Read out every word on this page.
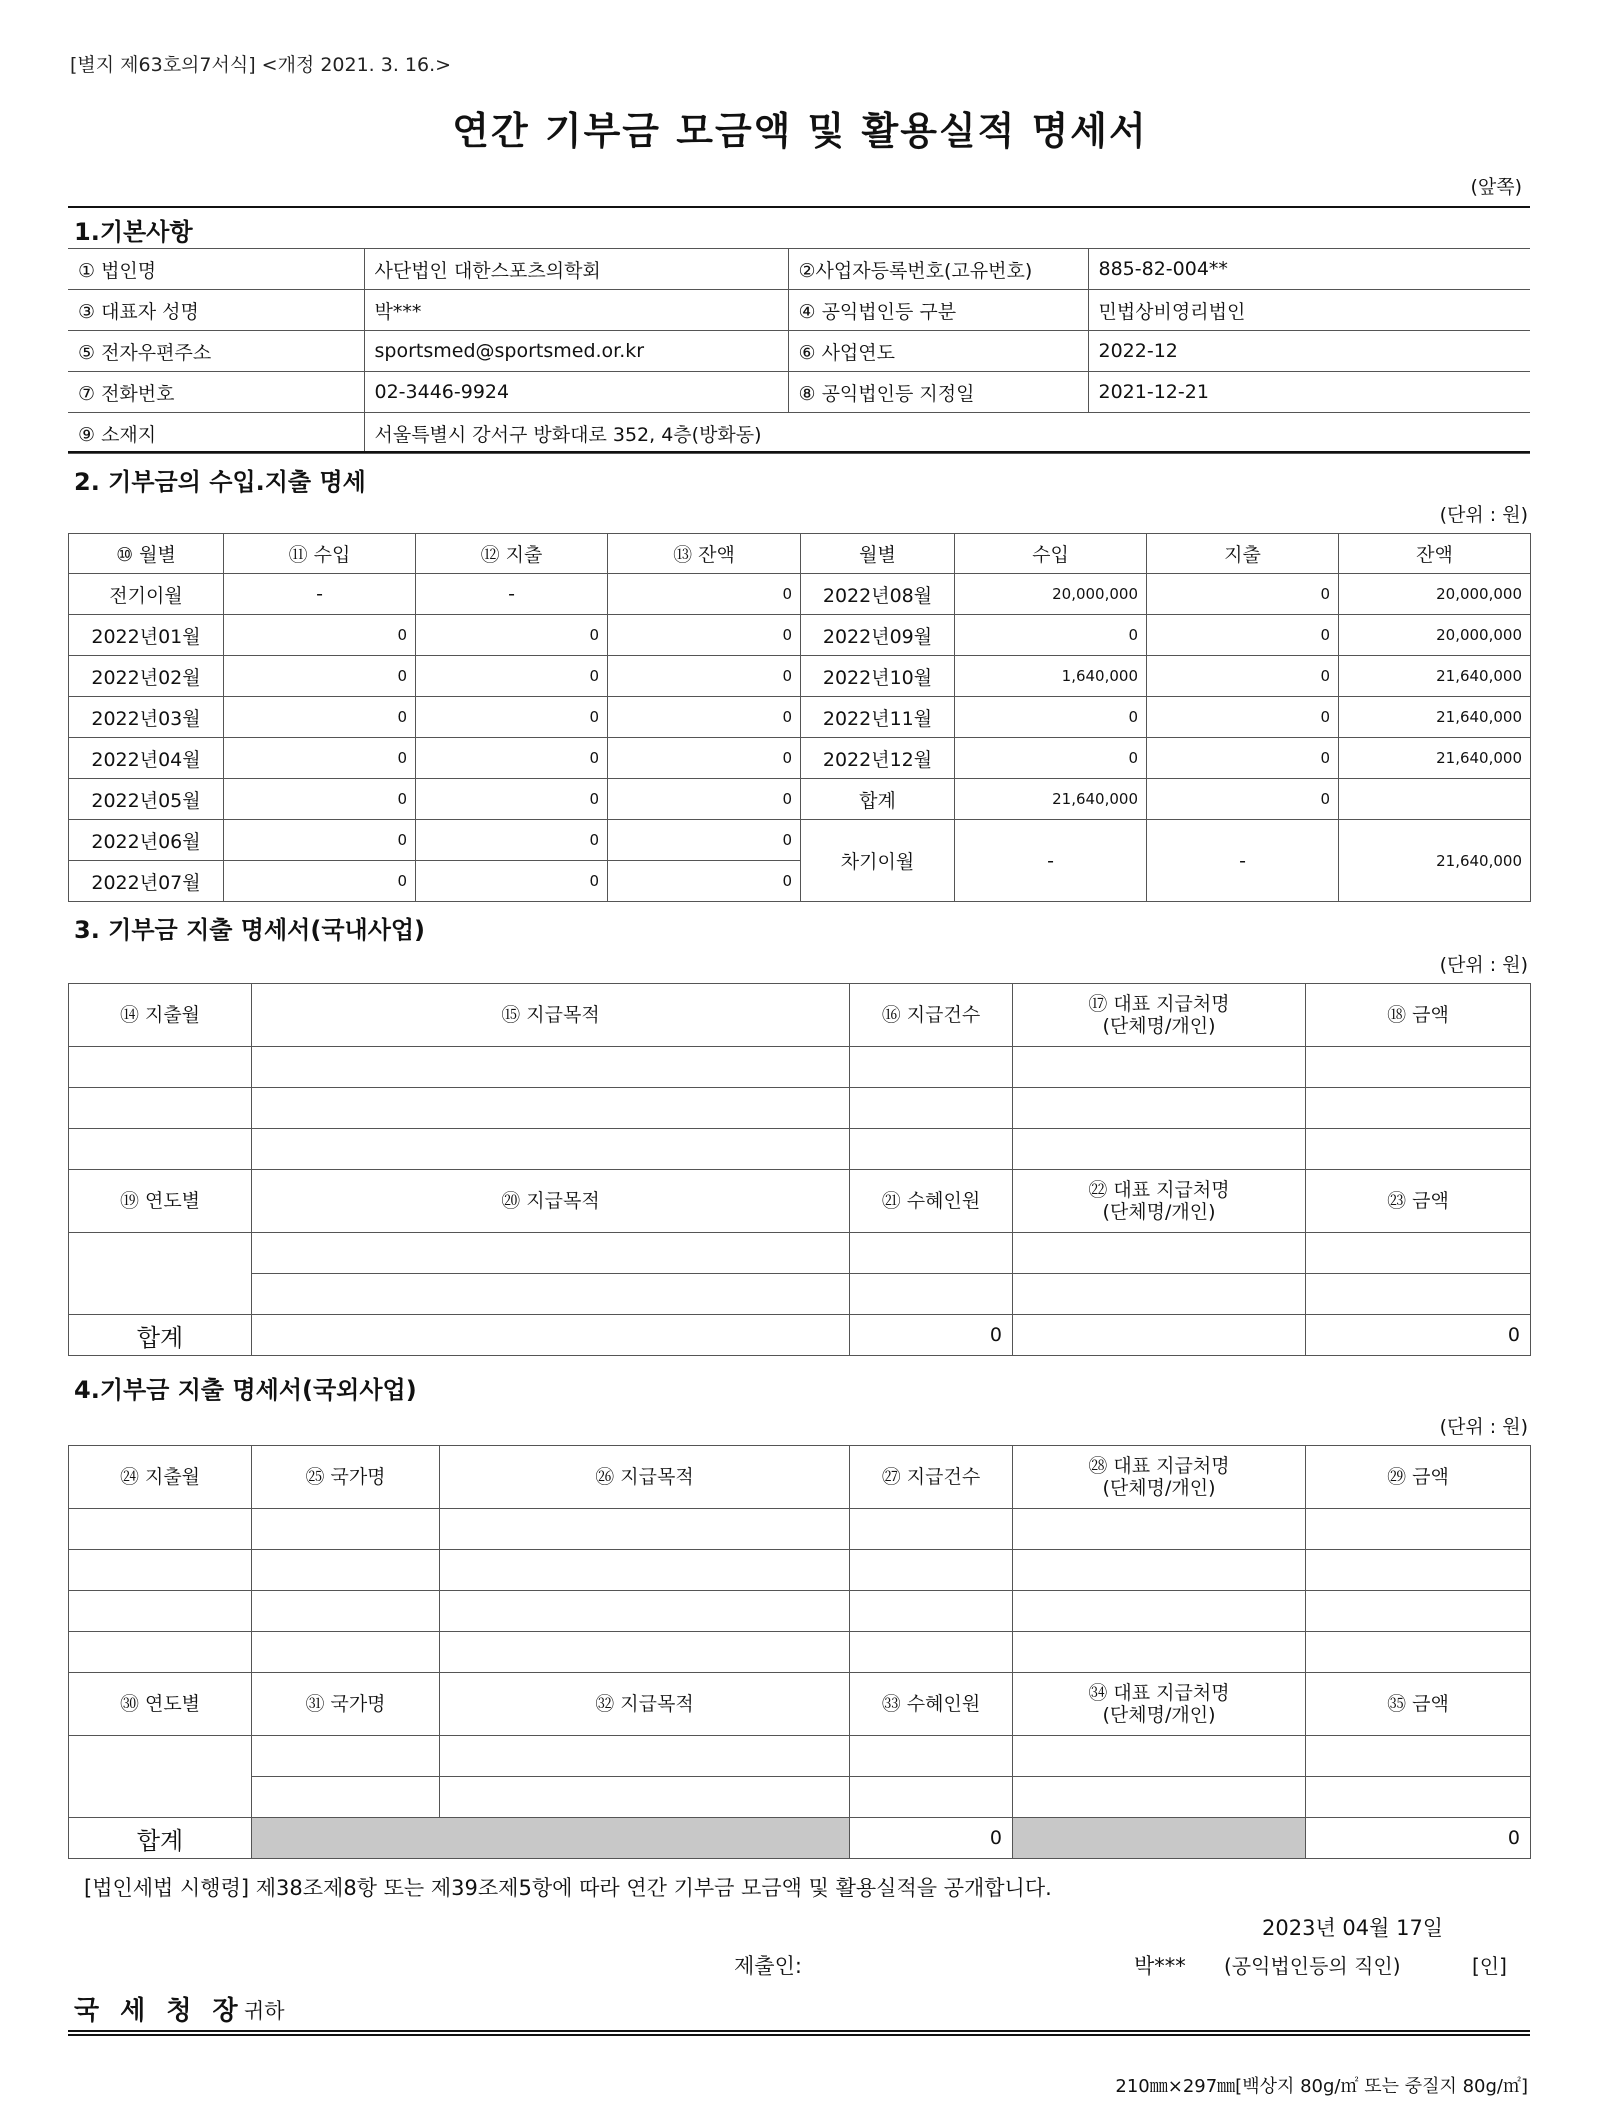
[별지 제63호의7서식] <개정 2021. 3. 16.>
연간 기부금 모금액 및 활용실적 명세서
(앞쪽)
1.기본사항
① 법인명	사단법인 대한스포츠의학회	②사업자등록번호(고유번호)	885-82-004**
③ 대표자 성명	박***	④ 공익법인등 구분	민법상비영리법인
⑤ 전자우편주소	sportsmed@sportsmed.or.kr	⑥ 사업연도	2022-12
⑦ 전화번호	02-3446-9924	⑧ 공익법인등 지정일	2021-12-21
⑨ 소재지	서울특별시 강서구 방화대로 352, 4층(방화동)		
2. 기부금의 수입.지출 명세
(단위 : 원)
⑩ 월별	⑪ 수입	⑫ 지출	⑬ 잔액	월별	수입	지출	잔액
전기이월	-	-	0	2022년08월	20,000,000	0	20,000,000
2022년01월	0	0	0	2022년09월	0	0	20,000,000
2022년02월	0	0	0	2022년10월	1,640,000	0	21,640,000
2022년03월	0	0	0	2022년11월	0	0	21,640,000
2022년04월	0	0	0	2022년12월	0	0	21,640,000
2022년05월	0	0	0	합계	21,640,000	0	
2022년06월	0	0	0	차기이월	-	-	21,640,000
2022년07월	0	0	0				
3. 기부금 지출 명세서(국내사업)
(단위 : 원)
⑭ 지출월	⑮ 지급목적	⑯ 지급건수	⑰ 대표 지급처명
(단체명/개인)	⑱ 금액

⑲ 연도별	⑳ 지급목적	㉑ 수혜인원	㉒ 대표 지급처명
(단체명/개인)	㉓ 금액

합계		0		0
4.기부금 지출 명세서(국외사업)
(단위 : 원)
㉔ 지출월	㉕ 국가명	㉖ 지급목적	㉗ 지급건수	㉘ 대표 지급처명
(단체명/개인)	㉙ 금액

㉚ 연도별	㉛ 국가명	㉜ 지급목적	㉝ 수혜인원	㉞ 대표 지급처명
(단체명/개인)	㉟ 금액

합계			0		0
[법인세법 시행령] 제38조제8항 또는 제39조제5항에 따라 연간 기부금 모금액 및 활용실적을 공개합니다.
2023년 04월 17일
제출인:	박*** (공익법인등의 직인)	[인]
국 세 청 장 귀하
210㎜×297㎜[백상지 80g/㎡ 또는 중질지 80g/㎡]
